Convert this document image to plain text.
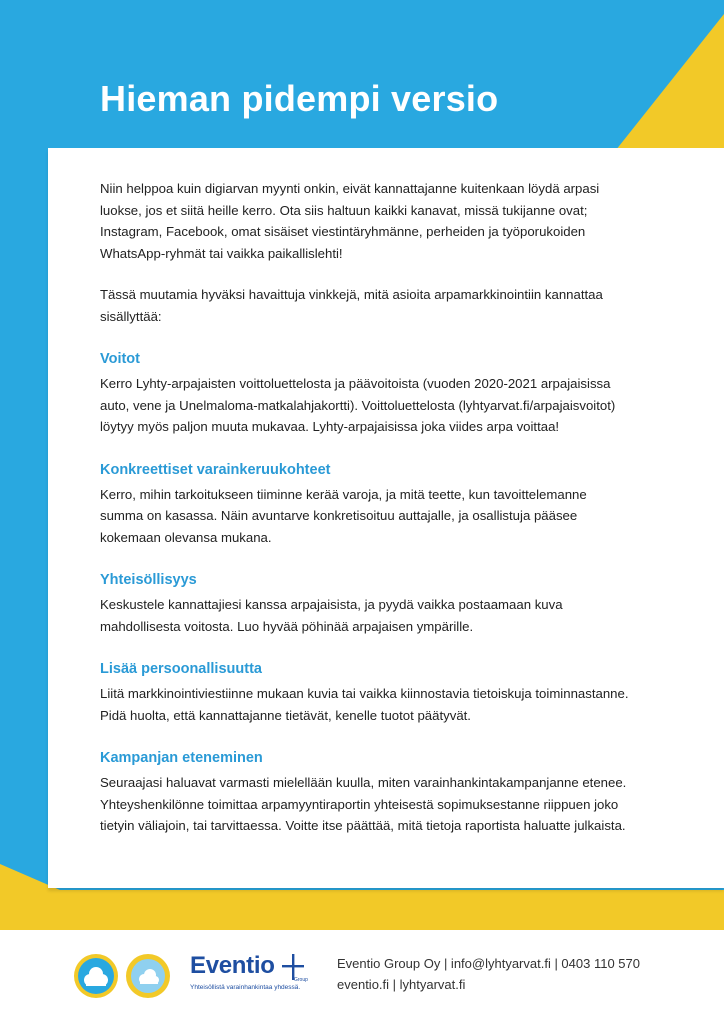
Hieman pidempi versio

Niin helppoa kuin digiarvan myynti onkin, eivät kannattajanne kuitenkaan löydä arpasi luokse, jos et siitä heille kerro. Ota siis haltuun kaikki kanavat, missä tukijanne ovat; Instagram, Facebook, omat sisäiset viestintäryhmänne, perheiden ja työporukoiden WhatsApp-ryhmät tai vaikka paikallislehti!

Tässä muutamia hyväksi havaittuja vinkkejä, mitä asioita arpamarkkinointiin kannattaa sisällyttää:

Voitot

Kerro Lyhty-arpajaisten voittoluettelosta ja päävoitoista (vuoden 2020-2021 arpajaisissa auto, vene ja Unelmaloma-matkalahjakortti). Voittoluettelosta (lyhtyarvat.fi/arpajaisvoitot) löytyy myös paljon muuta mukavaa. Lyhty-arpajaisissa joka viides arpa voittaa!

Konkreettiset varainkeruukohteet

Kerro, mihin tarkoitukseen tiiminne kerää varoja, ja mitä teette, kun tavoittelemanne summa on kasassa. Näin avuntarve konkretisoituu auttajalle, ja osallistuja pääsee kokemaan olevansa mukana.

Yhteisöllisyys

Keskustele kannattajiesi kanssa arpajaisista, ja pyydä vaikka postaamaan kuva mahdollisesta voitosta. Luo hyvää pöhinää arpajaisen ympärille.

Lisää persoonallisuutta

Liitä markkinointiviestiinne mukaan kuvia tai vaikka kiinnostavia tietoiskuja toiminnastanne. Pidä huolta, että kannattajanne tietävät, kenelle tuotot päätyvät.

Kampanjan eteneminen

Seuraajasi haluavat varmasti mielellään kuulla, miten varainhankintakampanjanne etenee. Yhteyshenkilönne toimittaa arpamyyntiraportin yhteisestä sopimuksestanne riippuen joko tietyin väliajoin, tai tarvittaessa. Voitte itse päättää, mitä tietoja raportista haluatte julkaista.

Eventio
Group
Yhteisöllistä varainhankintaa yhdessä.
Eventio Group Oy | info@lyhtyarvat.fi | 0403 110 570
eventio.fi | lyhtyarvat.fi
